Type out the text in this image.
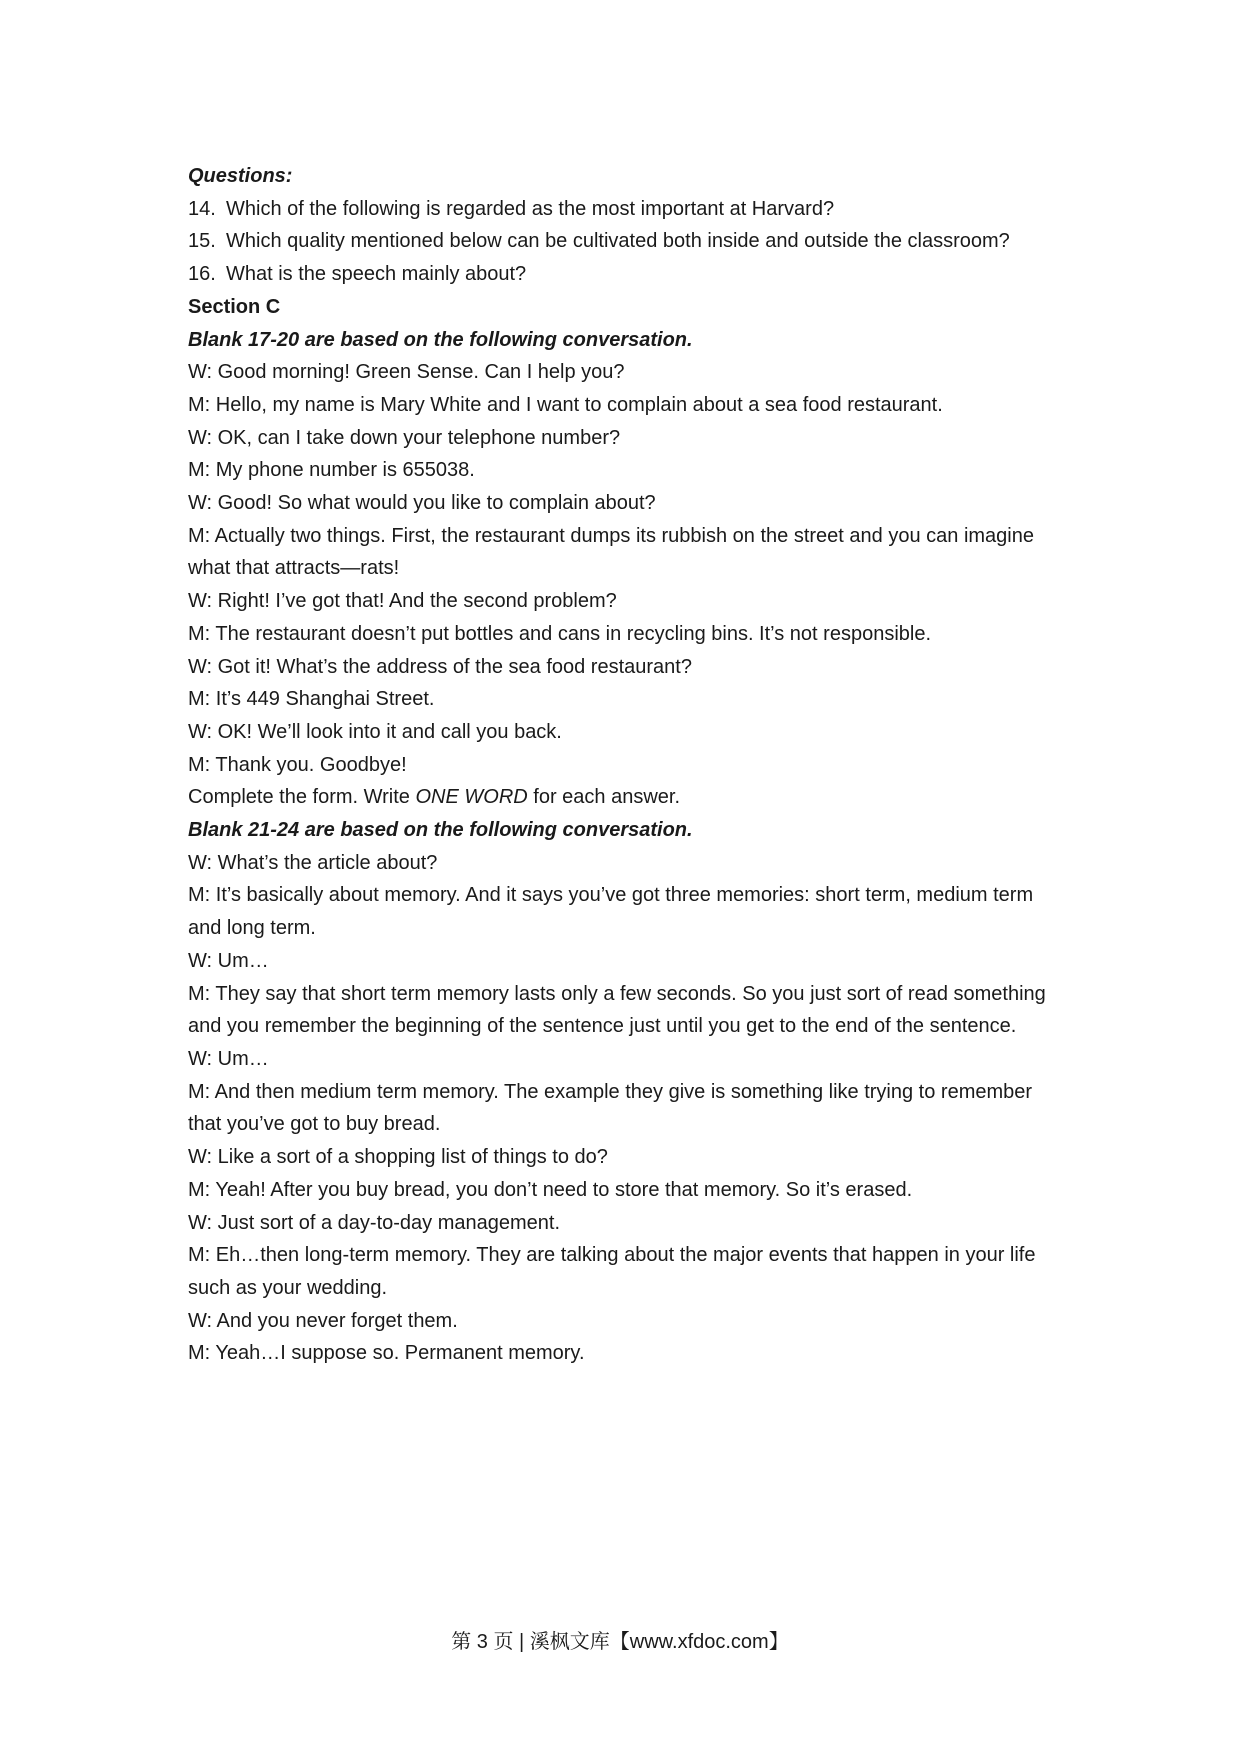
Questions:

14. Which of the following is regarded as the most important at Harvard?

15. Which quality mentioned below can be cultivated both inside and outside the classroom?

16. What is the speech mainly about?

Section C

Blank 17-20 are based on the following conversation.

W: Good morning! Green Sense. Can I help you?

M: Hello, my name is Mary White and I want to complain about a sea food restaurant.

W: OK, can I take down your telephone number?

M: My phone number is 655038.

W: Good! So what would you like to complain about?

M: Actually two things. First, the restaurant dumps its rubbish on the street and you can imagine what that attracts—rats!

W: Right! I’ve got that! And the second problem?

M: The restaurant doesn’t put bottles and cans in recycling bins. It’s not responsible.

W: Got it! What’s the address of the sea food restaurant?

M: It’s 449 Shanghai Street.

W: OK! We’ll look into it and call you back.

M: Thank you. Goodbye!

Complete the form. Write ONE WORD for each answer.

Blank 21-24 are based on the following conversation.

W: What’s the article about?

M: It’s basically about memory. And it says you’ve got three memories: short term, medium term and long term.

W: Um…

M: They say that short term memory lasts only a few seconds. So you just sort of read something and you remember the beginning of the sentence just until you get to the end of the sentence.

W: Um…

M: And then medium term memory. The example they give is something like trying to remember that you’ve got to buy bread.

W: Like a sort of a shopping list of things to do?

M: Yeah! After you buy bread, you don’t need to store that memory. So it’s erased.

W: Just sort of a day-to-day management.

M: Eh…then long-term memory. They are talking about the major events that happen in your life such as your wedding.

W: And you never forget them.

M: Yeah…I suppose so. Permanent memory.

第 3 页 | 溪枫文库【www.xfdoc.com】
